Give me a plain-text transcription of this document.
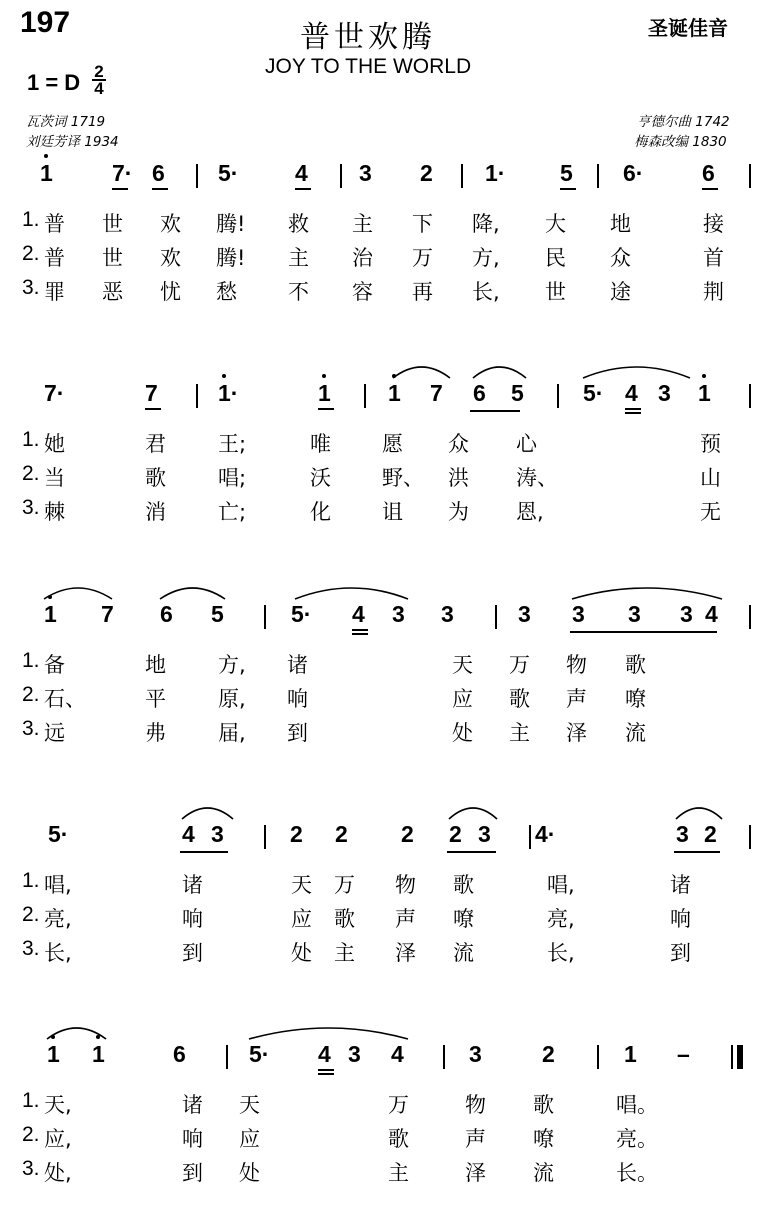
197	普世欢腾	圣诞佳音
JOY TO THE WORLD
1 = D 2
4
瓦茨词 1719
刘廷芳译 1934
亨德尔曲 1742
梅森改编 1830
1	7· 6 5· 4 3 2 1· 5 6·	6
1. 普 世 欢 腾! 救 主 下 降, 大 地	接
2. 普 世 欢 腾! 主 治 万 方, 民 众	首
3. 罪 恶 忧 愁 不 容 再 长, 世 途	荆
7·	7	1·	1 1 7 6 5	5· 4 3 1
1. 她	君 王;	唯 愿 众 心	预
2. 当	歌 唱;	沃 野、 洪 涛、	山
3. 棘	消 亡;	化 诅 为 恩,	无
1 7 6 5	5· 4 3 3	3 3 3 3 4
1. 备	地 方, 诸	天 万 物 歌
2. 石、	平 原, 响	应 歌 声 嘹
3. 远	弗 届, 到	处 主 泽 流
5·	4 3	2 2 2 2 3 4·	3 2
1. 唱,	诸	天 万 物 歌	唱,	诸
2. 亮,	响	应 歌 声 嘹	亮,	响
3. 长,	到	处 主 泽 流	长,	到
1 1	6	5· 4 3 4	3	2	1 –
1. 天,	诸 天	万	物 歌	唱。
2. 应,	响 应	歌	声 嘹	亮。
3. 处,	到 处	主	泽 流	长。
